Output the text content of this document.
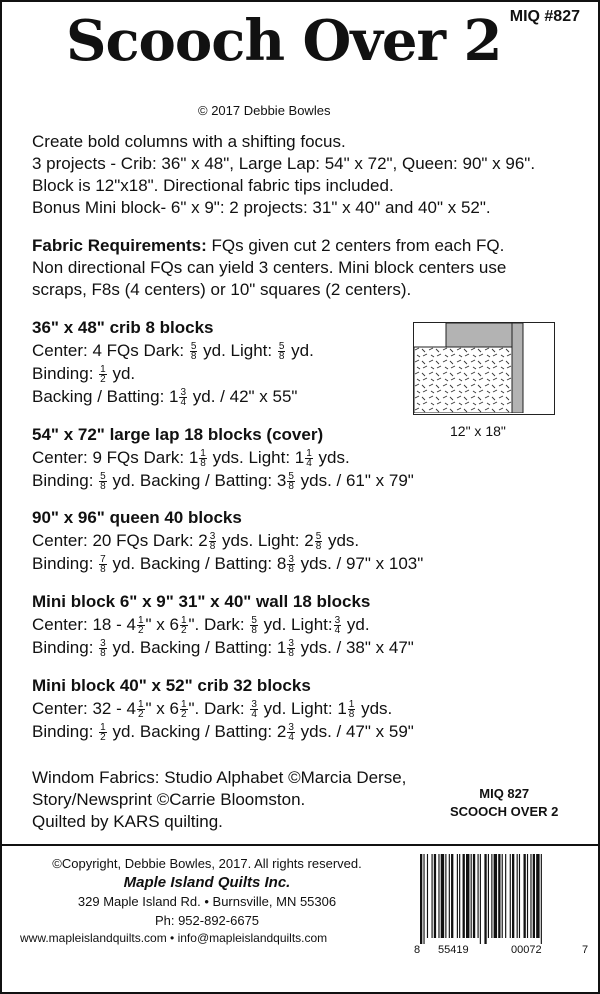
MIQ #827
Scooch Over 2
© 2017 Debbie Bowles
Create bold columns with a shifting focus.
3 projects - Crib: 36" x 48", Large Lap: 54" x 72", Queen: 90" x 96".
Block is 12"x18". Directional fabric tips included.
Bonus Mini block- 6" x 9": 2 projects: 31" x 40" and 40" x 52".
Fabric Requirements: FQs given cut 2 centers from each FQ.
Non directional FQs can yield 3 centers. Mini block centers use
scraps, F8s (4 centers) or 10" squares (2 centers).
36" x 48" crib 8 blocks
Center: 4 FQs Dark: $\frac{5}{8}$ yd. Light: $\frac{5}{8}$ yd.
Binding: $\frac{1}{2}$ yd.
Backing / Batting: $1 \frac{3}{4}$ yd. / 42" x 55"
12" x 18"
54" x 72" large lap 18 blocks (cover)
Center: 9 FQs Dark: $1 \frac{1}{8}$ yds. Light: $1 \frac{1}{4}$ yds.
Binding: $\frac{5}{8}$ yd. Backing / Batting: $3 \frac{5}{8}$ yds. / 61" x 79"
90" x 96" queen 40 blocks
Center: 20 FQs Dark: $2 \frac{3}{8}$ yds. Light: $2 \frac{5}{8}$ yds.
Binding: $\frac{7}{8}$ yd. Backing / Batting: $8 \frac{3}{8}$ yds. / 97" x 103"
Mini block 6" x 9" 31" x 40" wall 18 blocks
Center: $18 - 4 \frac{1}{2}$ " x $6 \frac{1}{2}$ ". Dark: $\frac{5}{8}$ yd. Light: $\frac{3}{4}$ yd.
Binding: $\frac{3}{8}$ yd. Backing / Batting: $1 \frac{3}{8}$ yds. / 38" x 47"
Mini block 40" x 52" crib 32 blocks
Center: $32 - 4 \frac{1}{2}$ " x $6 \frac{1}{2}$ ". Dark: $\frac{3}{4}$ yd. Light: $1 \frac{1}{8}$ yds.
Binding: $\frac{1}{2}$ yd. Backing / Batting: $2 \frac{3}{4}$ yds. / 47" x 59"
Windom Fabrics: Studio Alphabet ©Marcia Derse,
Story/Newsprint ©Carrie Bloomston.
Quilted by KARS quilting.
MIQ 827
SCOOCH OVER 2
©Copyright, Debbie Bowles, 2017. All rights reserved.
Maple Island Quilts Inc.
329 Maple Island Rd. • Burnsville, MN 55306
Ph: 952-892-6675
www.mapleislandquilts.com • info@mapleislandquilts.com
8 55419	00072	7
